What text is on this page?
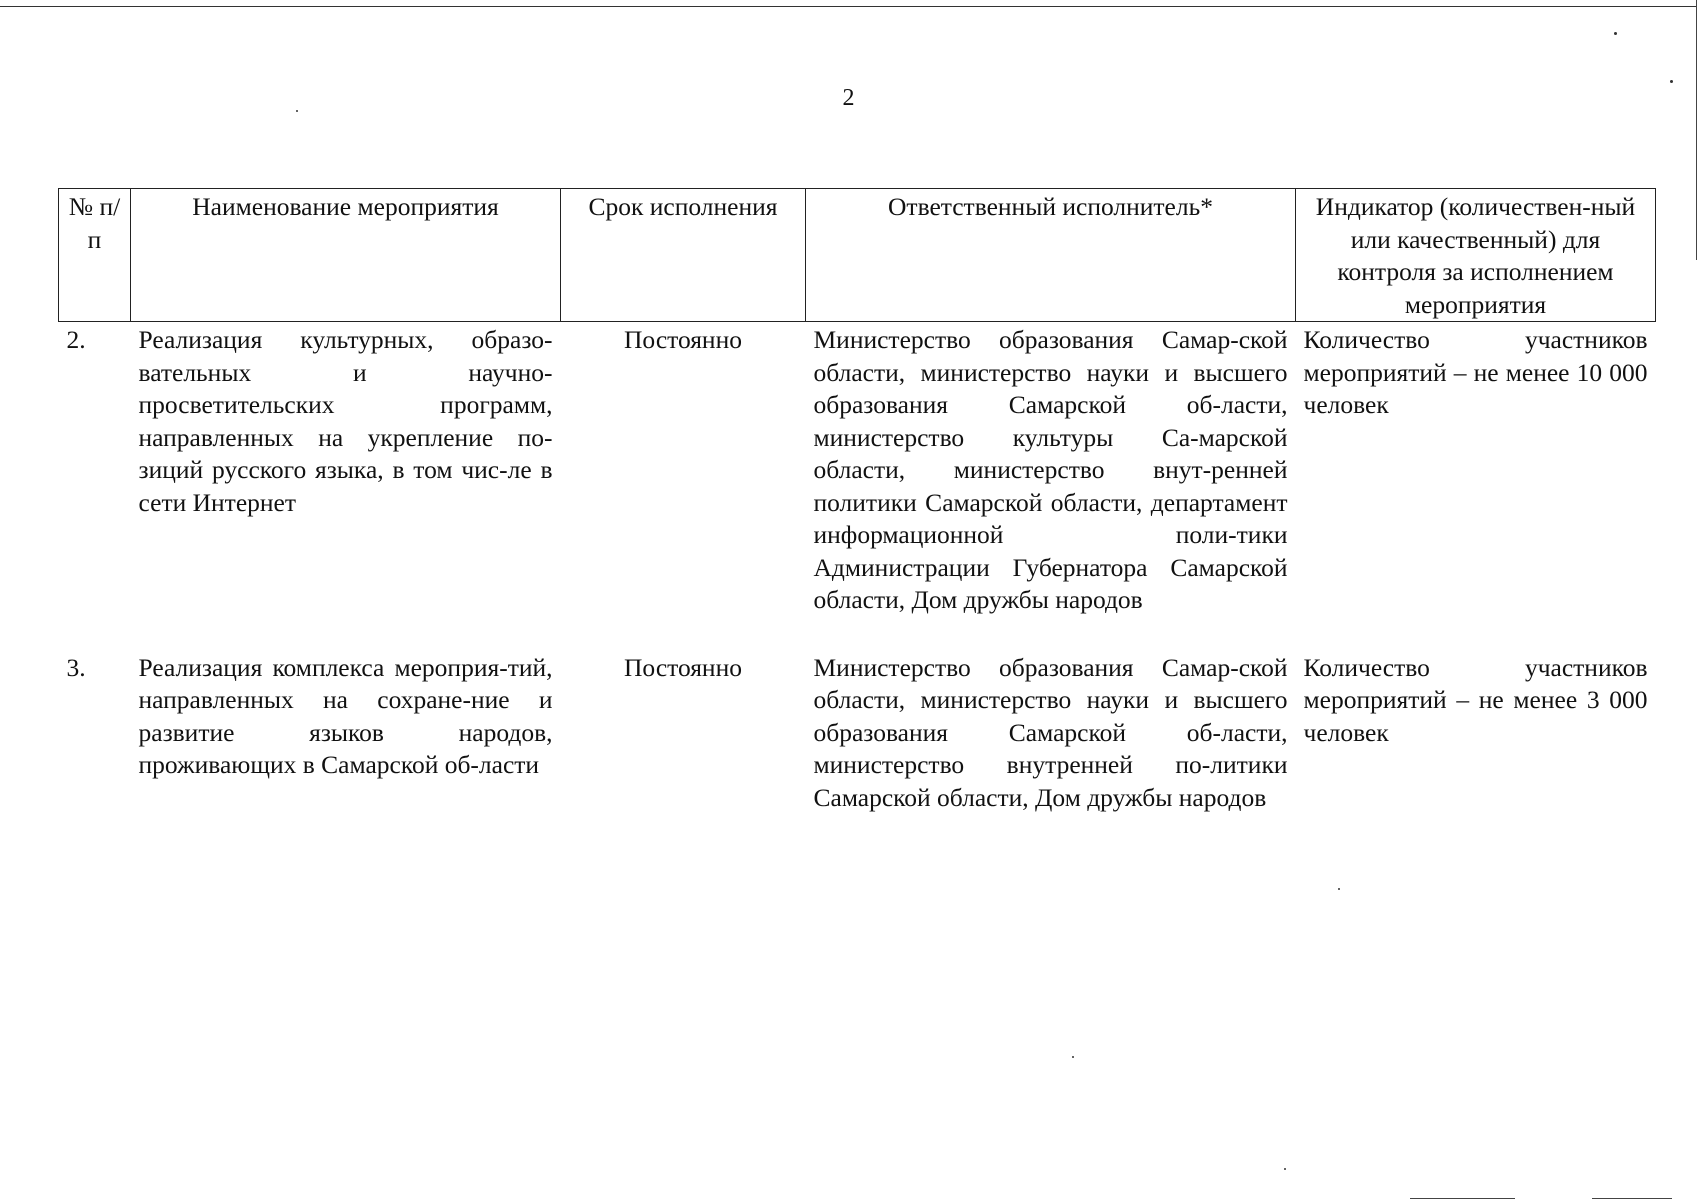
2
№ п/п	Наименование мероприятия	Срок исполнения	Ответственный исполнитель*	Индикатор (количествен-ный или качественный) для контроля за исполнением мероприятия
2.	Реализация культурных, образо-вательных и научно-просветительских программ, направленных на укрепление по-зиций русского языка, в том чис-ле в сети Интернет	Постоянно	Министерство образования Самар-ской области, министерство науки и высшего образования Самарской об-ласти, министерство культуры Са-марской области, министерство внут-ренней политики Самарской области, департамент информационной поли-тики Администрации Губернатора Самарской области, Дом дружбы народов	Количество участников мероприятий – не менее 10 000 человек
3.	Реализация комплекса мероприя-тий, направленных на сохране-ние и развитие языков народов, проживающих в Самарской об-ласти	Постоянно	Министерство образования Самар-ской области, министерство науки и высшего образования Самарской об-ласти, министерство внутренней по-литики Самарской области, Дом дружбы народов	Количество участников мероприятий – не менее 3 000 человек
